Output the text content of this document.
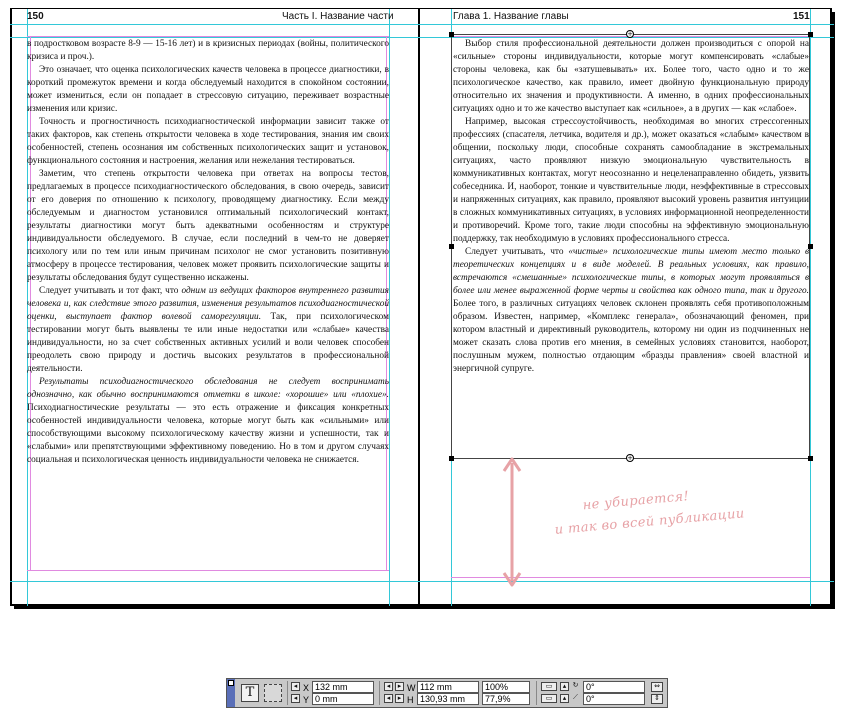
150	Часть I. Название части	Глава 1. Название главы	151

в подростковом возрасте 8-9 — 15-16 лет) и в кризисных периодах (войны, политического кризиса и проч.).

Это означает, что оценка психологических качеств человека в процессе диагностики, в короткий промежуток времени и когда обследуемый находится в спокойном состоянии, может измениться, если он попадает в стрессовую ситуацию, переживает возрастные изменения или кризис.

Точность и прогностичность психодиагностической информации зависит также от таких факторов, как степень открытости человека в ходе тестирования, знания им своих особенностей, степень осознания им собственных психологических защит и установок, функционального состояния и настроения, желания или нежелания тестироваться.

Заметим, что степень открытости человека при ответах на вопросы тестов, предлагаемых в процессе психодиагностического обследования, в свою очередь, зависит от его доверия по отношению к психологу, проводящему диагностику. Если между обследуемым и диагностом установился оптимальный психологический контакт, результаты диагностики могут быть адекватными особенностям и структуре индивидуальности обследуемого. В случае, если последний в чем-то не доверяет психологу или по тем или иным причинам психолог не смог установить позитивную атмосферу в процессе тестирования, человек может проявить психологические защиты и результаты обследования будут существенно искажены.

Следует учитывать и тот факт, что одним из ведущих факторов внутреннего развития человека и, как следствие этого развития, изменения результатов психодиагностической оценки, выступает фактор волевой саморегуляции. Так, при психологическом тестировании могут быть выявлены те или иные недостатки или «слабые» качества индивидуальности, но за счет собственных активных усилий и воли человек способен преодолеть свою природу и достичь высоких результатов в профессиональной деятельности.

Результаты психодиагностического обследования не следует воспринимать однозначно, как обычно воспринимаются отметки в школе: «хорошие» или «плохие». Психодиагностические результаты — это есть отражение и фиксация конкретных особенностей индивидуальности человека, которые могут быть как «сильными» или способствующими высокому психологическому качеству жизни и успешности, так и «слабыми» или препятствующими эффективному поведению. Но в том и другом случаях социальная и психологическая ценность индивидуальности человека не снижается.

+
+

Выбор стиля профессиональной деятельности должен производиться с опорой на «сильные» стороны индивидуальности, которые могут компенсировать «слабые» стороны человека, как бы «затушевывать» их. Более того, часто одно и то же психологическое качество, как правило, имеет двойную функциональную природу относительно их значения и продуктивности. А именно, в одних профессиональных ситуациях одно и то же качество выступает как «сильное», а в других — как «слабое».

Например, высокая стрессоустойчивость, необходимая во многих стрессогенных профессиях (спасателя, летчика, водителя и др.), может оказаться «слабым» качеством в общении, поскольку люди, способные сохранять самообладание в экстремальных ситуациях, часто проявляют низкую эмоциональную чувствительность в коммуникативных контактах, могут неосознанно и нецеленаправленно обидеть, уязвить собеседника. И, наоборот, тонкие и чувствительные люди, неэффективные в стрессовых и напряженных ситуациях, как правило, проявляют высокий уровень развития интуиции в сложных коммуникативных ситуациях, в условиях информационной неопределенности и противоречий. Кроме того, такие люди способны на эффективную эмоциональную поддержку, так необходимую в условиях профессионального стресса.

Следует учитывать, что «чистые» психологические типы имеют место только в теоретических концепциях и в виде моделей. В реальных условиях, как правило, встречаются «смешанные» психологические типы, в которых могут проявляться в более или менее выраженной форме черты и свойства как одного типа, так и другого. Более того, в различных ситуациях человек склонен проявлять себя противоположным образом. Известен, например, «Комплекс генерала», обозначающий феномен, при котором властный и директивный руководитель, которому ни один из подчиненных не может сказать слова против его мнения, в семейных условиях становится, наоборот, послушным мужем, полностью отдающим «бразды правления» своей властной и энергичной супруге.

не убирается!
и так во всей публикации
T	◂
◂
X
Y
132 mm
0 mm
◂
◂
▸
▸
W
H
112 mm
130,93 mm
100%
77,9%
▭
▭
▴
▴
↻
⟋
0°
0°
⇔
⇕
